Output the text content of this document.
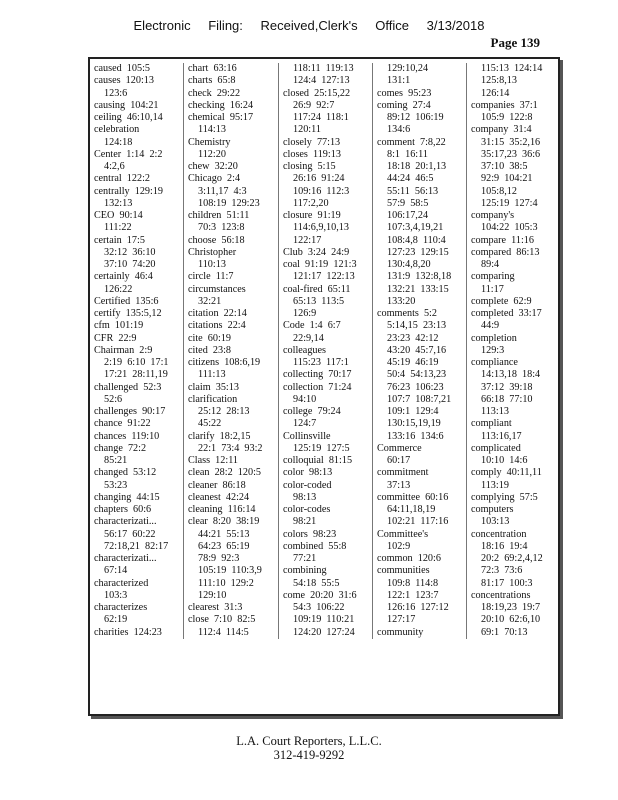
Electronic Filing: Received,Clerk's Office 3/13/2018
Page 139
caused  105:5
causes  120:13
123:6
causing  104:21
ceiling  46:10,14
celebration
124:18
Center  1:14  2:2
4:2,6
central  122:2
centrally  129:19
132:13
CEO  90:14
111:22
certain  17:5
32:12  36:10
37:10  74:20
certainly  46:4
126:22
Certified  135:6
certify  135:5,12
cfm  101:19
CFR  22:9
Chairman  2:9
2:19  6:10  17:1
17:21  28:11,19
challenged  52:3
52:6
challenges  90:17
chance  91:22
chances  119:10
change  72:2
85:21
changed  53:12
53:23
changing  44:15
chapters  60:6
characterizati...
56:17  60:22
72:18,21  82:17
characterizati...
67:14
characterized
103:3
characterizes
62:19
charities  124:23
chart  63:16
charts  65:8
check  29:22
checking  16:24
chemical  95:17
114:13
Chemistry
112:20
chew  32:20
Chicago  2:4
3:11,17  4:3
108:19  129:23
children  51:11
70:3  123:8
choose  56:18
Christopher
110:13
circle  11:7
circumstances
32:21
citation  22:14
citations  22:4
cite  60:19
cited  23:8
citizens  108:6,19
111:13
claim  35:13
clarification
25:12  28:13
45:22
clarify  18:2,15
22:1  73:4  93:2
Class  12:11
clean  28:2  120:5
cleaner  86:18
cleanest  42:24
cleaning  116:14
clear  8:20  38:19
44:21  55:13
64:23  65:19
78:9  92:3
105:19  110:3,9
111:10  129:2
129:10
clearest  31:3
close  7:10  82:5
112:4  114:5
118:11  119:13
124:4  127:13
closed  25:15,22
26:9  92:7
117:24  118:1
120:11
closely  77:13
closes  119:13
closing  5:15
26:16  91:24
109:16  112:3
117:2,20
closure  91:19
114:6,9,10,13
122:17
Club  3:24  24:9
coal  91:19  121:3
121:17  122:13
coal-fired  65:11
65:13  113:5
126:9
Code  1:4  6:7
22:9,14
colleagues
115:23  117:1
collecting  70:17
collection  71:24
94:10
college  79:24
124:7
Collinsville
125:19  127:5
colloquial  81:15
color  98:13
color-coded
98:13
color-codes
98:21
colors  98:23
combined  55:8
77:21
combining
54:18  55:5
come  20:20  31:6
54:3  106:22
109:19  110:21
124:20  127:24
129:10,24
131:1
comes  95:23
coming  27:4
89:12  106:19
134:6
comment  7:8,22
8:1  16:11
18:18  20:1,13
44:24  46:5
55:11  56:13
57:9  58:5
106:17,24
107:3,4,19,21
108:4,8  110:4
127:23  129:15
130:4,8,20
131:9  132:8,18
132:21  133:15
133:20
comments  5:2
5:14,15  23:13
23:23  42:12
43:20  45:7,16
45:19  46:19
50:4  54:13,23
76:23  106:23
107:7  108:7,21
109:1  129:4
130:15,19,19
133:16  134:6
Commerce
60:17
commitment
37:13
committee  60:16
64:11,18,19
102:21  117:16
Committee's
102:9
common  120:6
communities
109:8  114:8
122:1  123:7
126:16  127:12
127:17
community
115:13  124:14
125:8,13
126:14
companies  37:1
105:9  122:8
company  31:4
31:15  35:2,16
35:17,23  36:6
37:10  38:5
92:9  104:21
105:8,12
125:19  127:4
company's
104:22  105:3
compare  11:16
compared  86:13
89:4
comparing
11:17
complete  62:9
completed  33:17
44:9
completion
129:3
compliance
14:13,18  18:4
37:12  39:18
66:18  77:10
113:13
compliant
113:16,17
complicated
10:10  14:6
comply  40:11,11
113:19
complying  57:5
computers
103:13
concentration
18:16  19:4
20:2  69:2,4,12
72:3  73:6
81:17  100:3
concentrations
18:19,23  19:7
20:10  62:6,10
69:1  70:13
L.A. Court Reporters, L.L.C.
312-419-9292
